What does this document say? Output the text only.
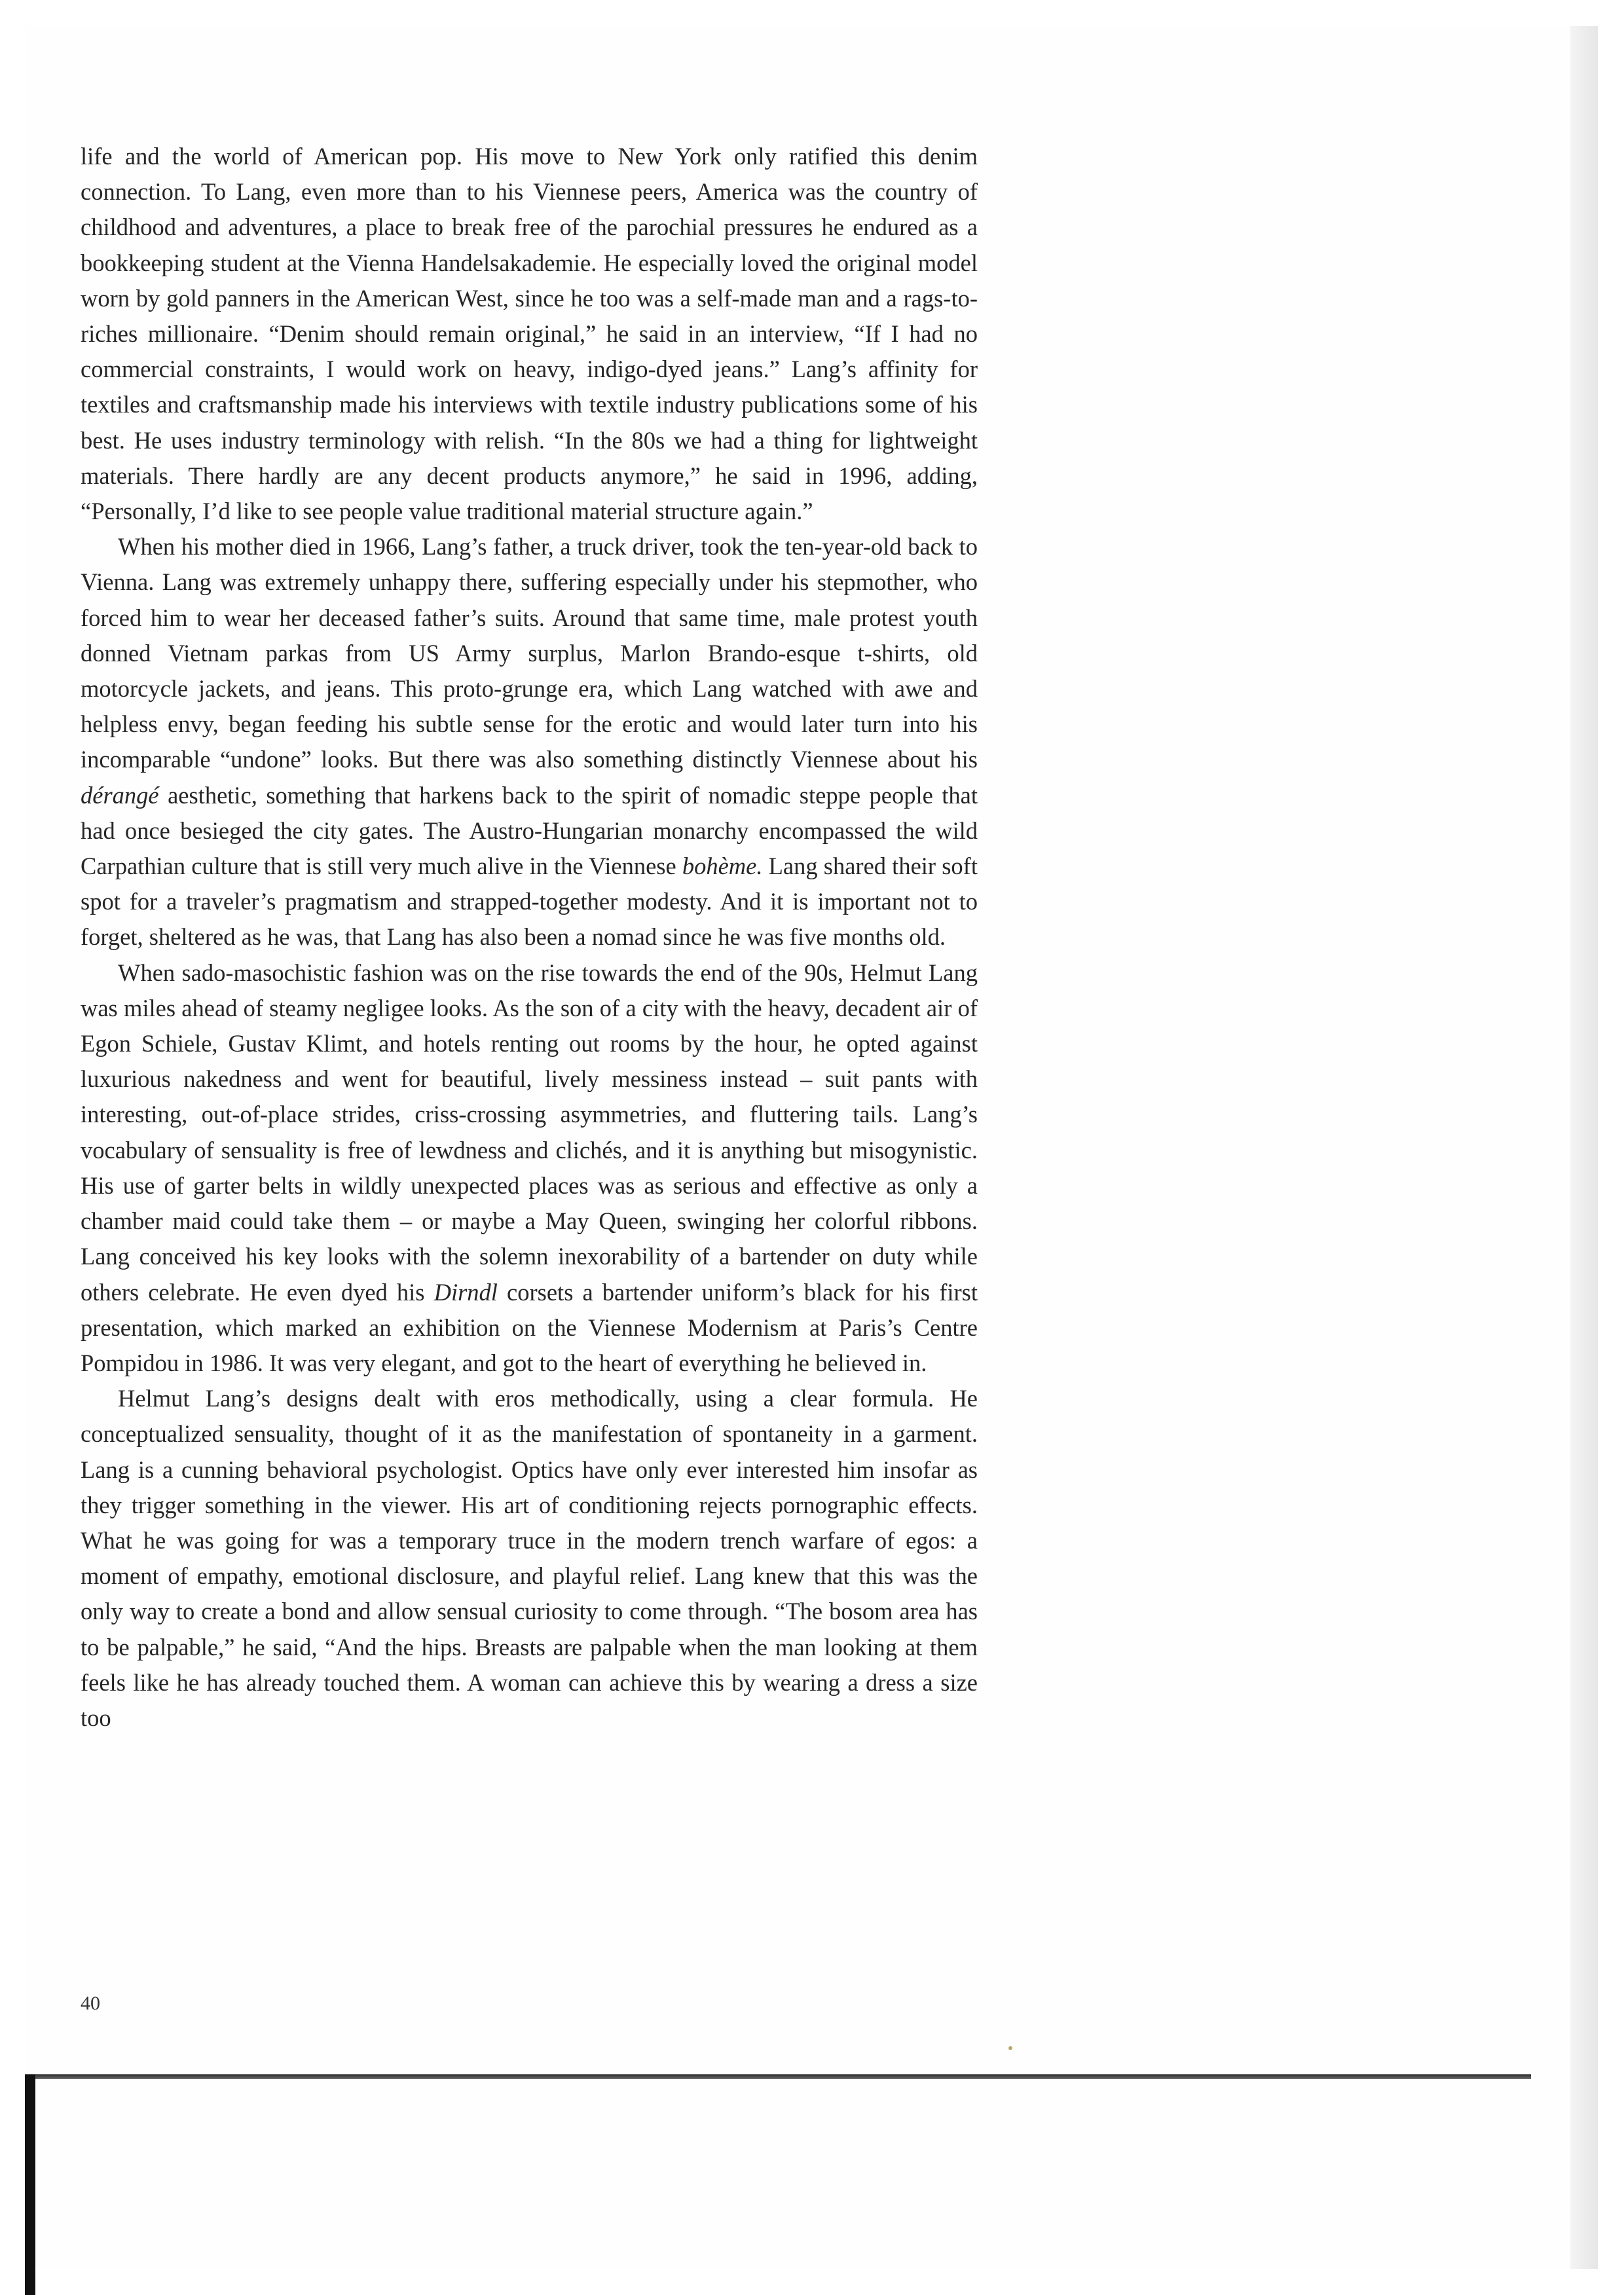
life and the world of American pop. His move to New York only ratified this denim connection. To Lang, even more than to his Viennese peers, America was the country of childhood and adventures, a place to break free of the parochial pressures he endured as a bookkeeping student at the Vienna Handelsakademie. He especially loved the original model worn by gold panners in the American West, since he too was a self-made man and a rags-to-riches millionaire. “Denim should remain original,” he said in an interview, “If I had no commercial constraints, I would work on heavy, indigo-dyed jeans.” Lang’s affinity for textiles and craftsmanship made his interviews with textile industry publications some of his best. He uses industry terminology with relish. “In the 80s we had a thing for lightweight materials. There hardly are any decent products anymore,” he said in 1996, adding, “Personally, I’d like to see people value traditional material structure again.”

When his mother died in 1966, Lang’s father, a truck driver, took the ten-year-old back to Vienna. Lang was extremely unhappy there, suffering especially under his stepmother, who forced him to wear her deceased father’s suits. Around that same time, male protest youth donned Vietnam parkas from US Army surplus, Marlon Brando-esque t-shirts, old motorcycle jackets, and jeans. This proto-grunge era, which Lang watched with awe and helpless envy, began feeding his subtle sense for the erotic and would later turn into his incomparable “undone” looks. But there was also something distinctly Viennese about his dérangé aesthetic, something that harkens back to the spirit of nomadic steppe people that had once besieged the city gates. The Austro-Hungarian monarchy encompassed the wild Carpathian culture that is still very much alive in the Viennese bohème. Lang shared their soft spot for a traveler’s pragmatism and strapped-together modesty. And it is important not to forget, sheltered as he was, that Lang has also been a nomad since he was five months old.

When sado-masochistic fashion was on the rise towards the end of the 90s, Helmut Lang was miles ahead of steamy negligee looks. As the son of a city with the heavy, decadent air of Egon Schiele, Gustav Klimt, and hotels renting out rooms by the hour, he opted against luxurious nakedness and went for beautiful, lively messiness instead – suit pants with interesting, out-of-place strides, criss-crossing asymmetries, and fluttering tails. Lang’s vocabulary of sensuality is free of lewdness and clichés, and it is anything but misogynistic. His use of garter belts in wildly unexpected places was as serious and effective as only a chamber maid could take them – or maybe a May Queen, swinging her colorful ribbons. Lang conceived his key looks with the solemn inexorability of a bartender on duty while others celebrate. He even dyed his Dirndl corsets a bartender uniform’s black for his first presentation, which marked an exhibition on the Viennese Modernism at Paris’s Centre Pompidou in 1986. It was very elegant, and got to the heart of everything he believed in.

Helmut Lang’s designs dealt with eros methodically, using a clear formula. He conceptualized sensuality, thought of it as the manifestation of spontaneity in a garment. Lang is a cunning behavioral psychologist. Optics have only ever interested him insofar as they trigger something in the viewer. His art of conditioning rejects pornographic effects. What he was going for was a temporary truce in the modern trench warfare of egos: a moment of empathy, emotional disclosure, and playful relief. Lang knew that this was the only way to create a bond and allow sensual curiosity to come through. “The bosom area has to be palpable,” he said, “And the hips. Breasts are palpable when the man looking at them feels like he has already touched them. A woman can achieve this by wearing a dress a size too

40
